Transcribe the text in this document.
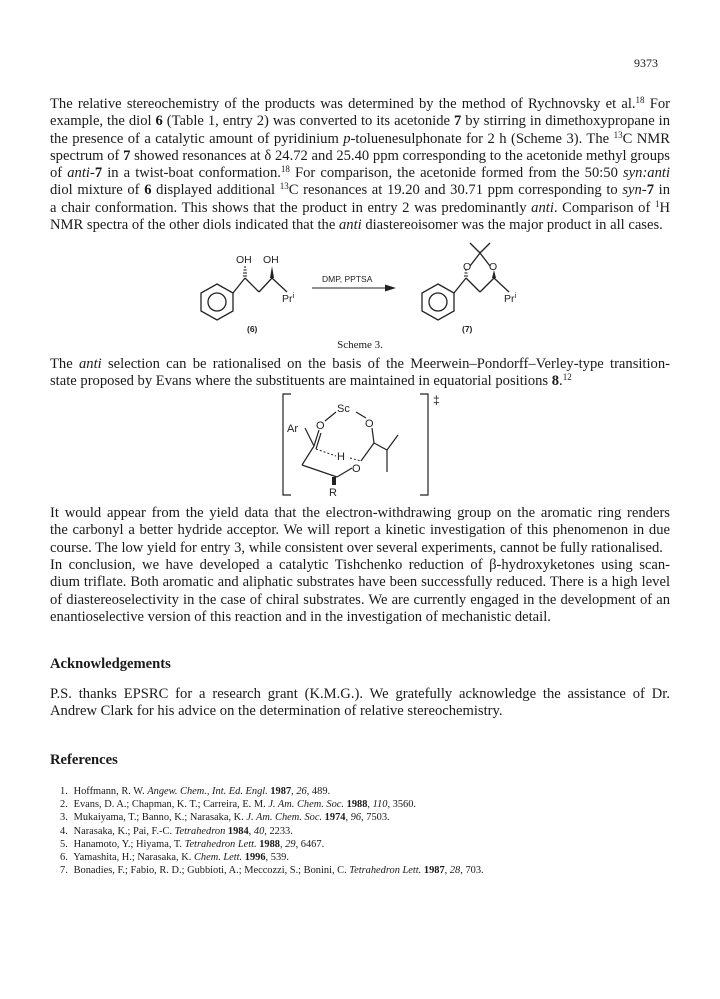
9373

The relative stereochemistry of the products was determined by the method of Rychnovsky et al.$^{18}$ For
example, the diol 6 (Table 1, entry 2) was converted to its acetonide 7 by stirring in dimethoxypropane in
the presence of a catalytic amount of pyridinium p-toluenesulphonate for 2 h (Scheme 3). The $^{13}$C NMR
spectrum of 7 showed resonances at δ 24.72 and 25.40 ppm corresponding to the acetonide methyl groups
of anti-7 in a twist-boat conformation.$^{18}$ For comparison, the acetonide formed from the 50:50 syn:anti
diol mixture of 6 displayed additional $^{13}$C resonances at 19.20 and 30.71 ppm corresponding to syn-7 in
a chair conformation. This shows that the product in entry 2 was predominantly anti. Comparison of $^1$H
NMR spectra of the other diols indicated that the anti diastereoisomer was the major product in all cases.

OH OH
Pr$^i$
(6)
DMP, PPTSA
O O
Pr$^i$
(7)
Scheme 3.

The anti selection can be rationalised on the basis of the Meerwein–Pondorff–Verley-type transition-
state proposed by Evans where the substituents are maintained in equatorial positions 8.12

‡
Sc
O	O
Ar
H
O
R

It would appear from the yield data that the electron-withdrawing group on the aromatic ring renders
the carbonyl a better hydride acceptor. We will report a kinetic investigation of this phenomenon in due
course. The low yield for entry 3, while consistent over several experiments, cannot be fully rationalised.

In conclusion, we have developed a catalytic Tishchenko reduction of β-hydroxyketones using scan-
dium triflate. Both aromatic and aliphatic substrates have been successfully reduced. There is a high level
of diastereoselectivity in the case of chiral substrates. We are currently engaged in the development of an
enantioselective version of this reaction and in the investigation of mechanistic detail.

Acknowledgements

P.S. thanks EPSRC for a research grant (K.M.G.). We gratefully acknowledge the assistance of Dr.
Andrew Clark for his advice on the determination of relative stereochemistry.

References
1. Hoffmann, R. W. Angew. Chem., Int. Ed. Engl. 1987, 26, 489.
2. Evans, D. A.; Chapman, K. T.; Carreira, E. M. J. Am. Chem. Soc. 1988, 110, 3560.
3. Mukaiyama, T.; Banno, K.; Narasaka, K. J. Am. Chem. Soc. 1974, 96, 7503.
4. Narasaka, K.; Pai, F.-C. Tetrahedron 1984, 40, 2233.
5. Hanamoto, Y.; Hiyama, T. Tetrahedron Lett. 1988, 29, 6467.
6. Yamashita, H.; Narasaka, K. Chem. Lett. 1996, 539.
7. Bonadies, F.; Fabio, R. D.; Gubbioti, A.; Meccozzi, S.; Bonini, C. Tetrahedron Lett. 1987, 28, 703.
